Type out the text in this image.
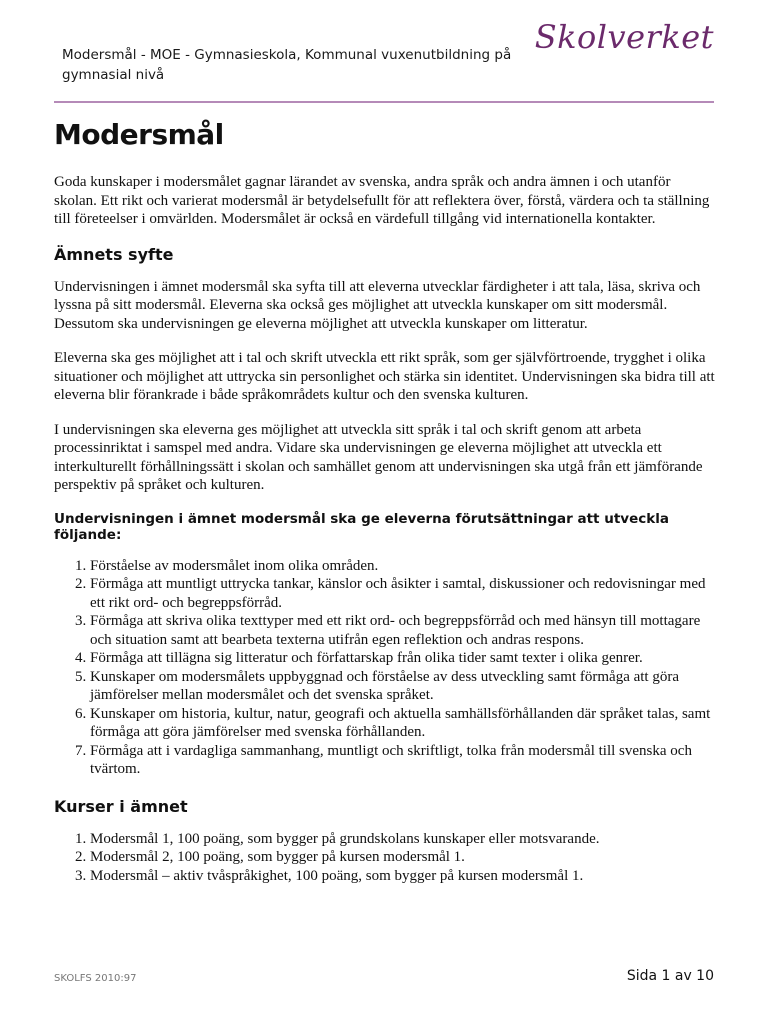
Modersmål - MOE - Gymnasieskola, Kommunal vuxenutbildning på gymnasial nivå
Skolverket
Modersmål

Goda kunskaper i modersmålet gagnar lärandet av svenska, andra språk och andra ämnen i och utanför skolan. Ett rikt och varierat modersmål är betydelsefullt för att reflektera över, förstå, värdera och ta ställning till företeelser i omvärlden. Modersmålet är också en värdefull tillgång vid internationella kontakter.

Ämnets syfte

Undervisningen i ämnet modersmål ska syfta till att eleverna utvecklar färdigheter i att tala, läsa, skriva och lyssna på sitt modersmål. Eleverna ska också ges möjlighet att utveckla kunskaper om sitt modersmål. Dessutom ska undervisningen ge eleverna möjlighet att utveckla kunskaper om litteratur.

Eleverna ska ges möjlighet att i tal och skrift utveckla ett rikt språk, som ger självförtroende, trygghet i olika situationer och möjlighet att uttrycka sin personlighet och stärka sin identitet. Undervisningen ska bidra till att eleverna blir förankrade i både språkområdets kultur och den svenska kulturen.

I undervisningen ska eleverna ges möjlighet att utveckla sitt språk i tal och skrift genom att arbeta processinriktat i samspel med andra. Vidare ska undervisningen ge eleverna möjlighet att utveckla ett interkulturellt förhållningssätt i skolan och samhället genom att undervisningen ska utgå från ett jämförande perspektiv på språket och kulturen.

Undervisningen i ämnet modersmål ska ge eleverna förutsättningar att utveckla följande:
1. Förståelse av modersmålet inom olika områden.
2. Förmåga att muntligt uttrycka tankar, känslor och åsikter i samtal, diskussioner och redovisningar med ett rikt ord- och begreppsförråd.
3. Förmåga att skriva olika texttyper med ett rikt ord- och begreppsförråd och med hänsyn till mottagare och situation samt att bearbeta texterna utifrån egen reflektion och andras respons.
4. Förmåga att tillägna sig litteratur och författarskap från olika tider samt texter i olika genrer.
5. Kunskaper om modersmålets uppbyggnad och förståelse av dess utveckling samt förmåga att göra jämförelser mellan modersmålet och det svenska språket.
6. Kunskaper om historia, kultur, natur, geografi och aktuella samhällsförhållanden där språket talas, samt förmåga att göra jämförelser med svenska förhållanden.
7. Förmåga att i vardagliga sammanhang, muntligt och skriftligt, tolka från modersmål till svenska och tvärtom.
Kurser i ämnet
1. Modersmål 1, 100 poäng, som bygger på grundskolans kunskaper eller motsvarande.
2. Modersmål 2, 100 poäng, som bygger på kursen modersmål 1.
3. Modersmål – aktiv tvåspråkighet, 100 poäng, som bygger på kursen modersmål 1.
SKOLFS 2010:97	Sida 1 av 10
